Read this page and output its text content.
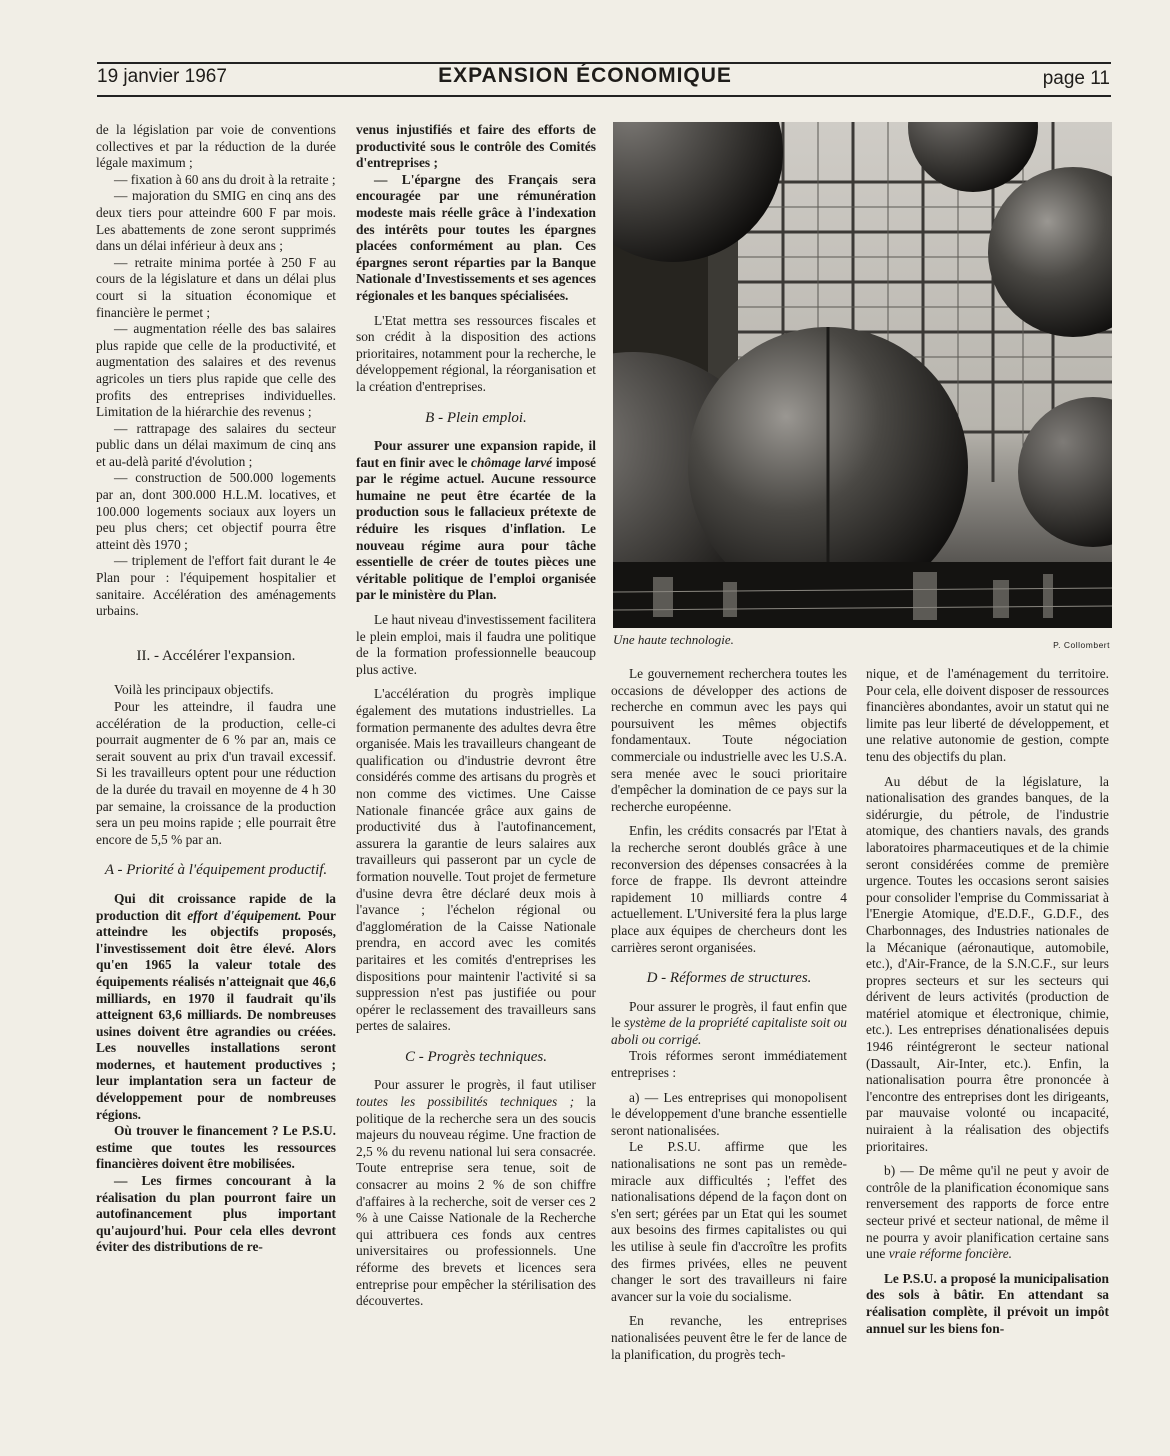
19 janvier 1967	EXPANSION ÉCONOMIQUE	page 11

de la législation par voie de conventions collectives et par la réduction de la durée légale maximum ;

— fixation à 60 ans du droit à la retraite ;

— majoration du SMIG en cinq ans des deux tiers pour atteindre 600 F par mois. Les abattements de zone seront supprimés dans un délai inférieur à deux ans ;

— retraite minima portée à 250 F au cours de la législature et dans un délai plus court si la situation économique et financière le permet ;

— augmentation réelle des bas salaires plus rapide que celle de la productivité, et augmentation des salaires et des revenus agricoles un tiers plus rapide que celle des profits des entreprises individuelles. Limitation de la hiérarchie des revenus ;

— rattrapage des salaires du secteur public dans un délai maximum de cinq ans et au-delà parité d'évolution ;

— construction de 500.000 logements par an, dont 300.000 H.L.M. locatives, et 100.000 logements sociaux aux loyers un peu plus chers; cet objectif pourra être atteint dès 1970 ;

— triplement de l'effort fait durant le 4e Plan pour : l'équipement hospitalier et sanitaire. Accélération des aménagements urbains.

II. - Accélérer l'expansion.

Voilà les principaux objectifs.

Pour les atteindre, il faudra une accélération de la production, celle-ci pourrait augmenter de 6 % par an, mais ce serait souvent au prix d'un travail excessif. Si les travailleurs optent pour une réduction de la durée du travail en moyenne de 4 h 30 par semaine, la croissance de la production sera un peu moins rapide ; elle pourrait être encore de 5,5 % par an.

A - Priorité à l'équipement productif.

Qui dit croissance rapide de la production dit effort d'équipement. Pour atteindre les objectifs proposés, l'investissement doit être élevé. Alors qu'en 1965 la valeur totale des équipements réalisés n'atteignait que 46,6 milliards, en 1970 il faudrait qu'ils atteignent 63,6 milliards. De nombreuses usines doivent être agrandies ou créées. Les nouvelles installations seront modernes, et hautement productives ; leur implantation sera un facteur de développement pour de nombreuses régions.

Où trouver le financement ? Le P.S.U. estime que toutes les ressources financières doivent être mobilisées.

— Les firmes concourant à la réalisation du plan pourront faire un autofinancement plus important qu'aujourd'hui. Pour cela elles devront éviter des distributions de re-

venus injustifiés et faire des efforts de productivité sous le contrôle des Comités d'entreprises ;

— L'épargne des Français sera encouragée par une rémunération modeste mais réelle grâce à l'indexation des intérêts pour toutes les épargnes placées conformément au plan. Ces épargnes seront réparties par la Banque Nationale d'Investissements et ses agences régionales et les banques spécialisées.

L'Etat mettra ses ressources fiscales et son crédit à la disposition des actions prioritaires, notamment pour la recherche, le développement régional, la réorganisation et la création d'entreprises.

B - Plein emploi.

Pour assurer une expansion rapide, il faut en finir avec le chômage larvé imposé par le régime actuel. Aucune ressource humaine ne peut être écartée de la production sous le fallacieux prétexte de réduire les risques d'inflation. Le nouveau régime aura pour tâche essentielle de créer de toutes pièces une véritable politique de l'emploi organisée par le ministère du Plan.

Le haut niveau d'investissement facilitera le plein emploi, mais il faudra une politique de la formation professionnelle beaucoup plus active.

L'accélération du progrès implique également des mutations industrielles. La formation permanente des adultes devra être organisée. Mais les travailleurs changeant de qualification ou d'industrie devront être considérés comme des artisans du progrès et non comme des victimes. Une Caisse Nationale financée grâce aux gains de productivité dus à l'autofinancement, assurera la garantie de leurs salaires aux travailleurs qui passeront par un cycle de formation nouvelle. Tout projet de fermeture d'usine devra être déclaré deux mois à l'avance ; l'échelon régional ou d'agglomération de la Caisse Nationale prendra, en accord avec les comités paritaires et les comités d'entreprises les dispositions pour maintenir l'activité si sa suppression n'est pas justifiée ou pour opérer le reclassement des travailleurs sans pertes de salaires.

C - Progrès techniques.

Pour assurer le progrès, il faut utiliser toutes les possibilités techniques ; la politique de la recherche sera un des soucis majeurs du nouveau régime. Une fraction de 2,5 % du revenu national lui sera consacrée. Toute entreprise sera tenue, soit de consacrer au moins 2 % de son chiffre d'affaires à la recherche, soit de verser ces 2 % à une Caisse Nationale de la Recherche qui attribuera ces fonds aux centres universitaires ou professionnels. Une réforme des brevets et licences sera entreprise pour empêcher la stérilisation des découvertes.

Une haute technologie.	P. Collombert

Le gouvernement recherchera toutes les occasions de développer des actions de recherche en commun avec les pays qui poursuivent les mêmes objectifs fondamentaux. Toute négociation commerciale ou industrielle avec les U.S.A. sera menée avec le souci prioritaire d'empêcher la domination de ce pays sur la recherche européenne.

Enfin, les crédits consacrés par l'Etat à la recherche seront doublés grâce à une reconversion des dépenses consacrées à la force de frappe. Ils devront atteindre rapidement 10 milliards contre 4 actuellement. L'Université fera la plus large place aux équipes de chercheurs dont les carrières seront organisées.

D - Réformes de structures.

Pour assurer le progrès, il faut enfin que le système de la propriété capitaliste soit ou aboli ou corrigé.

Trois réformes seront immédiatement entreprises :

a) — Les entreprises qui monopolisent le développement d'une branche essentielle seront nationalisées.

Le P.S.U. affirme que les nationalisations ne sont pas un remède-miracle aux difficultés ; l'effet des nationalisations dépend de la façon dont on s'en sert; gérées par un Etat qui les soumet aux besoins des firmes capitalistes ou qui les utilise à seule fin d'accroître les profits des firmes privées, elles ne peuvent changer le sort des travailleurs ni faire avancer sur la voie du socialisme.

En revanche, les entreprises nationalisées peuvent être le fer de lance de la planification, du progrès tech-

nique, et de l'aménagement du territoire. Pour cela, elle doivent disposer de ressources financières abondantes, avoir un statut qui ne limite pas leur liberté de développement, et une relative autonomie de gestion, compte tenu des objectifs du plan.

Au début de la législature, la nationalisation des grandes banques, de la sidérurgie, du pétrole, de l'industrie atomique, des chantiers navals, des grands laboratoires pharmaceutiques et de la chimie seront considérées comme de première urgence. Toutes les occasions seront saisies pour consolider l'emprise du Commissariat à l'Energie Atomique, d'E.D.F., G.D.F., des Charbonnages, des Industries nationales de la Mécanique (aéronautique, automobile, etc.), d'Air-France, de la S.N.C.F., sur leurs propres secteurs et sur les secteurs qui dérivent de leurs activités (production de matériel atomique et électronique, chimie, etc.). Les entreprises dénationalisées depuis 1946 réintégreront le secteur national (Dassault, Air-Inter, etc.). Enfin, la nationalisation pourra être prononcée à l'encontre des entreprises dont les dirigeants, par mauvaise volonté ou incapacité, nuiraient à la réalisation des objectifs prioritaires.

b) — De même qu'il ne peut y avoir de contrôle de la planification économique sans renversement des rapports de force entre secteur privé et secteur national, de même il ne pourra y avoir planification certaine sans une vraie réforme foncière.

Le P.S.U. a proposé la municipalisation des sols à bâtir. En attendant sa réalisation complète, il prévoit un impôt annuel sur les biens fon-
